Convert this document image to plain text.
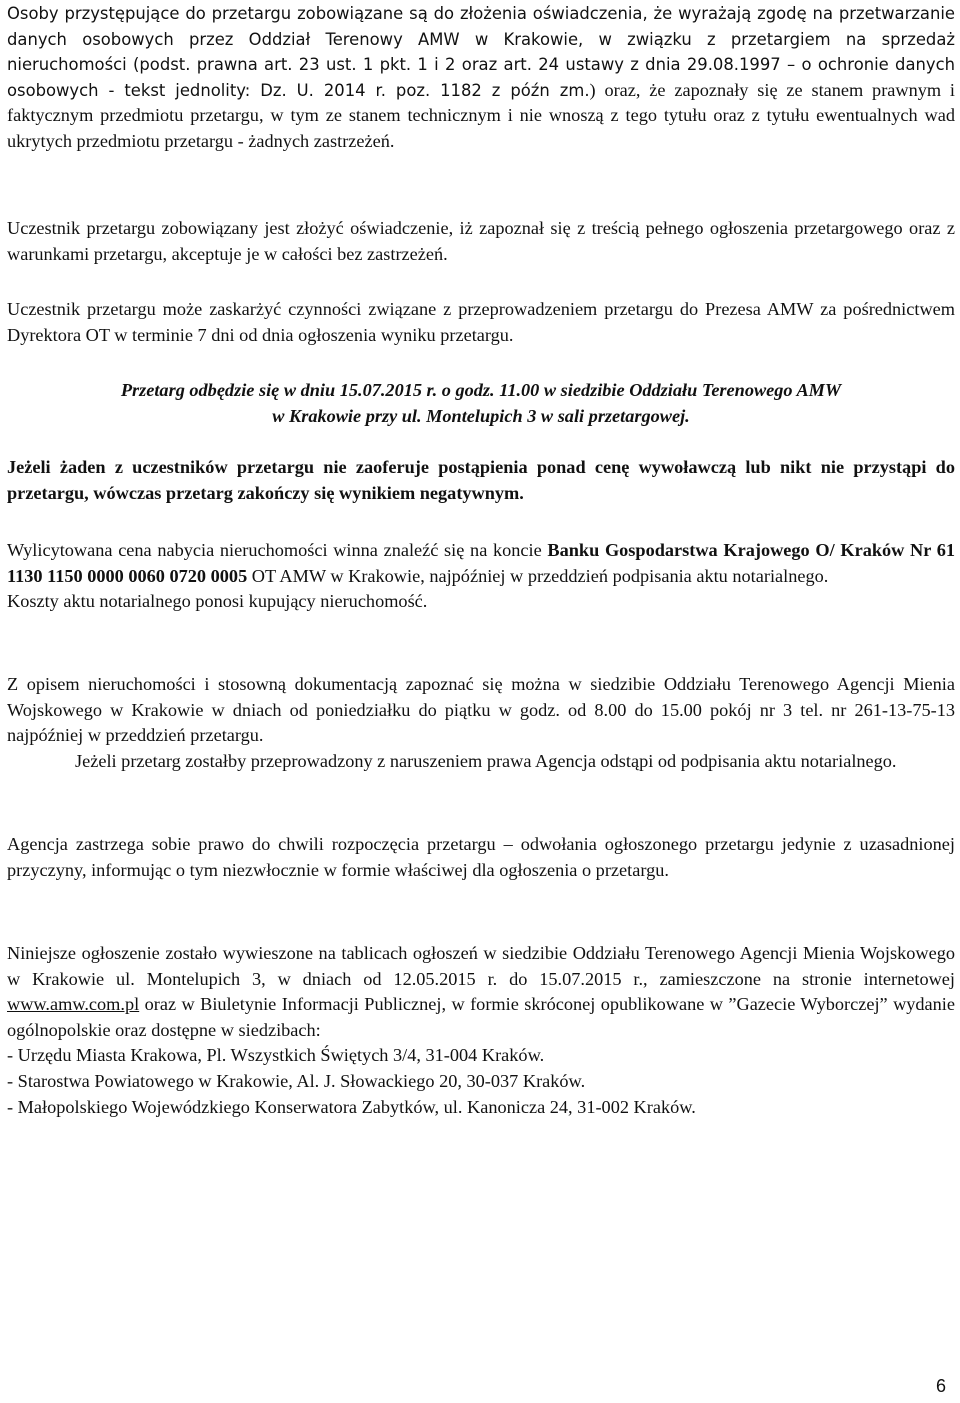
Osoby przystępujące do przetargu zobowiązane są do złożenia oświadczenia, że wyrażają zgodę na przetwarzanie danych osobowych przez Oddział Terenowy AMW w Krakowie, w związku z przetargiem na sprzedaż nieruchomości (podst. prawna art. 23 ust. 1 pkt. 1 i 2 oraz art. 24 ustawy z dnia 29.08.1997 – o ochronie danych osobowych - tekst jednolity: Dz. U. 2014 r. poz. 1182 z późn zm.) oraz, że zapoznały się ze stanem prawnym i faktycznym przedmiotu przetargu, w tym ze stanem technicznym i nie wnoszą z tego tytułu oraz z tytułu ewentualnych wad ukrytych przedmiotu przetargu - żadnych zastrzeżeń.

Uczestnik przetargu zobowiązany jest złożyć oświadczenie, iż zapoznał się z treścią pełnego ogłoszenia przetargowego oraz z warunkami przetargu, akceptuje je w całości bez zastrzeżeń.

Uczestnik przetargu może zaskarżyć czynności związane z przeprowadzeniem przetargu do Prezesa AMW za pośrednictwem Dyrektora OT w terminie 7 dni od dnia ogłoszenia wyniku przetargu.

Przetarg odbędzie się w dniu 15.07.2015 r. o godz. 11.00 w siedzibie Oddziału Terenowego AMW

w Krakowie przy ul. Montelupich 3 w sali przetargowej.

Jeżeli żaden z uczestników przetargu nie zaoferuje postąpienia ponad cenę wywoławczą lub nikt nie przystąpi do przetargu, wówczas przetarg zakończy się wynikiem negatywnym.

Wylicytowana cena nabycia nieruchomości winna znaleźć się na koncie Banku Gospodarstwa Krajowego O/ Kraków Nr 61 1130 1150 0000 0060 0720 0005 OT AMW w Krakowie, najpóźniej w przeddzień podpisania aktu notarialnego.

Koszty aktu notarialnego ponosi kupujący nieruchomość.

Z opisem nieruchomości i stosowną dokumentacją zapoznać się można w siedzibie Oddziału Terenowego Agencji Mienia Wojskowego w Krakowie w dniach od poniedziałku do piątku w godz. od 8.00 do 15.00 pokój nr 3 tel. nr 261-13-75-13 najpóźniej w przeddzień przetargu.

Jeżeli przetarg zostałby przeprowadzony z naruszeniem prawa Agencja odstąpi od podpisania aktu notarialnego.

Agencja zastrzega sobie prawo do chwili rozpoczęcia przetargu – odwołania ogłoszonego przetargu jedynie z uzasadnionej przyczyny, informując o tym niezwłocznie w formie właściwej dla ogłoszenia o przetargu.

Niniejsze ogłoszenie zostało wywieszone na tablicach ogłoszeń w siedzibie Oddziału Terenowego Agencji Mienia Wojskowego w Krakowie ul. Montelupich 3, w dniach od 12.05.2015 r. do 15.07.2015 r., zamieszczone na stronie internetowej www.amw.com.pl oraz w Biuletynie Informacji Publicznej, w formie skróconej opublikowane w ”Gazecie Wyborczej” wydanie ogólnopolskie oraz dostępne w siedzibach:

- Urzędu Miasta Krakowa, Pl. Wszystkich Świętych 3/4, 31-004 Kraków.

- Starostwa Powiatowego w Krakowie, Al. J. Słowackiego 20, 30-037 Kraków.

- Małopolskiego Wojewódzkiego Konserwatora Zabytków, ul. Kanonicza 24, 31-002 Kraków.

6
